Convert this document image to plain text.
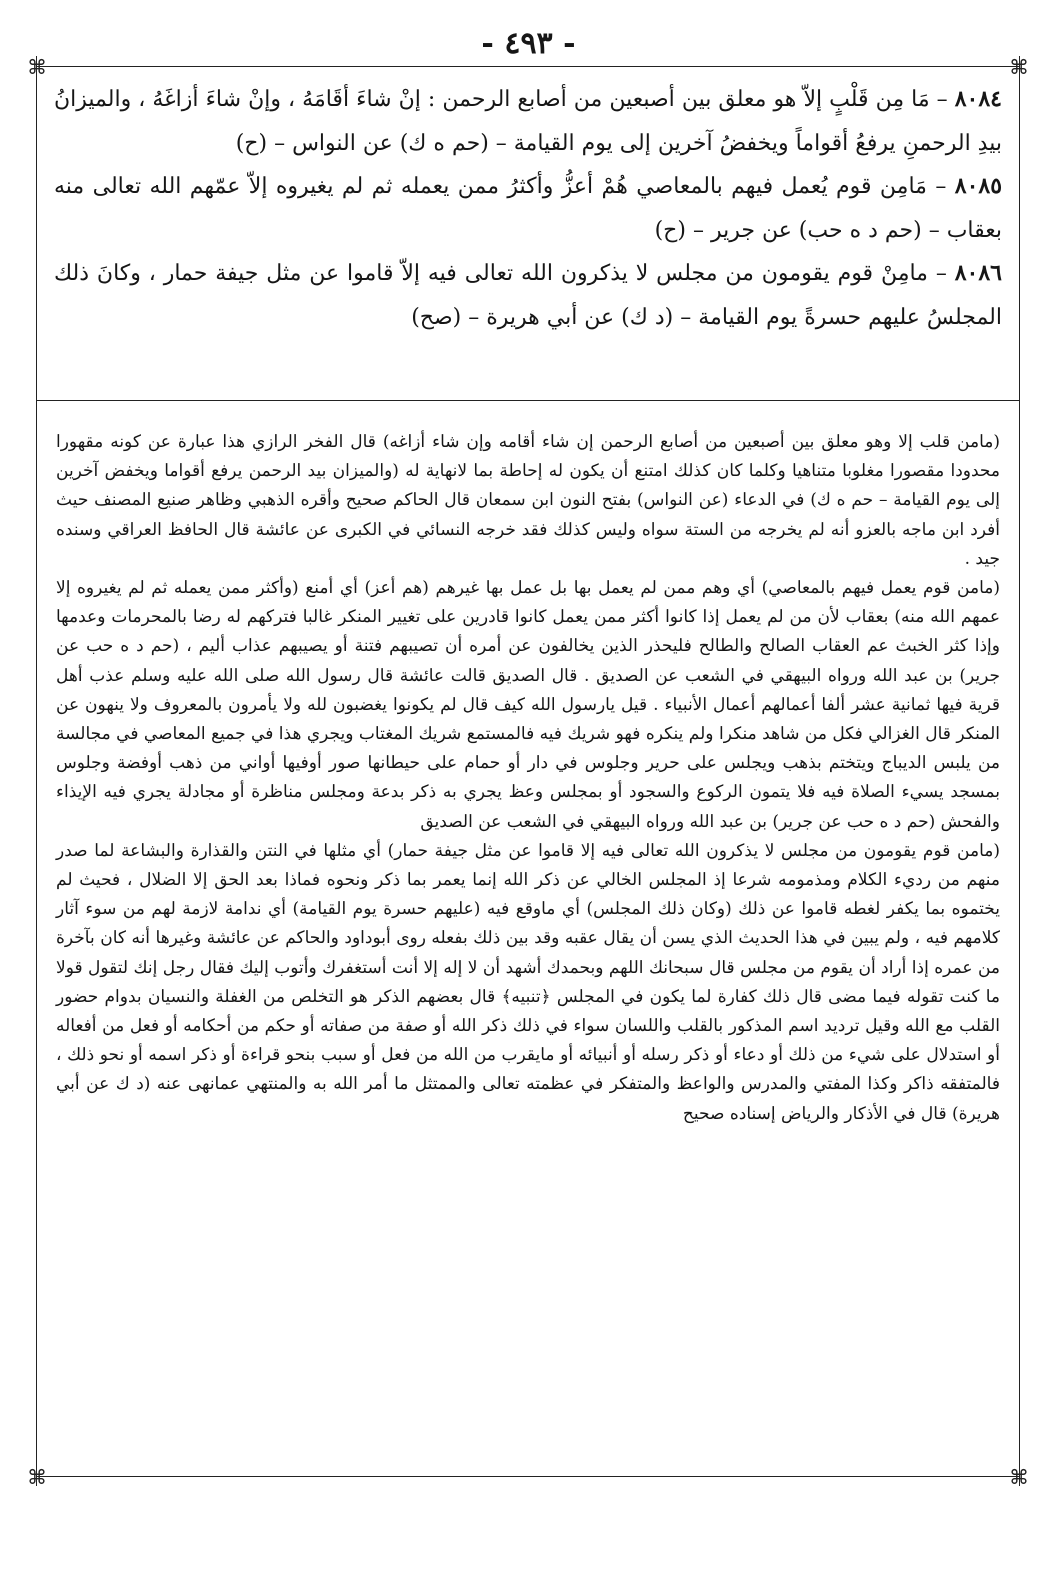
- ٤٩٣ -
⌘	⌘
⌘	⌘

٨٠٨٤ – مَا مِن قَلْبٍ إلاّ هو معلق بين أصبعين من أصابع الرحمن : إنْ شاءَ أقَامَهُ ، وإنْ شاءَ أزاغَهُ ، والميزانُ بيدِ الرحمنِ يرفعُ أقواماً ويخفضُ آخرين إلى يوم القيامة – (حم ه ك) عن النواس – (ح)

٨٠٨٥ – مَامِن قوم يُعمل فيهم بالمعاصي هُمْ أعزُّ وأكثرُ ممن يعمله ثم لم يغيروه إلاّ عمّهم الله تعالى منه بعقاب – (حم د ه حب) عن جرير – (ح)

٨٠٨٦ – مامِنْ قوم يقومون من مجلس لا يذكرون الله تعالى فيه إلاّ قاموا عن مثل جيفة حمار ، وكانَ ذلك المجلسُ عليهم حسرةً يوم القيامة – (د ك) عن أبي هريرة – (صح)

(مامن قلب إلا وهو معلق بين أصبعين من أصابع الرحمن إن شاء أقامه وإن شاء أزاغه) قال الفخر الرازي هذا عبارة عن كونه مقهورا محدودا مقصورا مغلوبا متناهيا وكلما كان كذلك امتنع أن يكون له إحاطة بما لانهاية له (والميزان بيد الرحمن يرفع أقواما ويخفض آخرين إلى يوم القيامة – حم ه ك) في الدعاء (عن النواس) بفتح النون ابن سمعان قال الحاكم صحيح وأقره الذهبي وظاهر صنيع المصنف حيث أفرد ابن ماجه بالعزو أنه لم يخرجه من الستة سواه وليس كذلك فقد خرجه النسائي في الكبرى عن عائشة قال الحافظ العراقي وسنده جيد .

(مامن قوم يعمل فيهم بالمعاصي) أي وهم ممن لم يعمل بها بل عمل بها غيرهم (هم أعز) أي أمنع (وأكثر ممن يعمله ثم لم يغيروه إلا عمهم الله منه) بعقاب لأن من لم يعمل إذا كانوا أكثر ممن يعمل كانوا قادرين على تغيير المنكر غالبا فتركهم له رضا بالمحرمات وعدمها وإذا كثر الخبث عم العقاب الصالح والطالح فليحذر الذين يخالفون عن أمره أن تصيبهم فتنة أو يصيبهم عذاب أليم ، (حم د ه حب عن جرير) بن عبد الله ورواه البيهقي في الشعب عن الصديق . قال الصديق قالت عائشة قال رسول الله صلى الله عليه وسلم عذب أهل قرية فيها ثمانية عشر ألفا أعمالهم أعمال الأنبياء . قيل يارسول الله كيف قال لم يكونوا يغضبون لله ولا يأمرون بالمعروف ولا ينهون عن المنكر قال الغزالي فكل من شاهد منكرا ولم ينكره فهو شريك فيه فالمستمع شريك المغتاب ويجري هذا في جميع المعاصي في مجالسة من يلبس الديباج ويتختم بذهب ويجلس على حرير وجلوس في دار أو حمام على حيطانها صور أوفيها أواني من ذهب أوفضة وجلوس بمسجد يسيء الصلاة فيه فلا يتمون الركوع والسجود أو بمجلس وعظ يجري به ذكر بدعة ومجلس مناظرة أو مجادلة يجري فيه الإيذاء والفحش (حم د ه حب عن جرير) بن عبد الله ورواه البيهقي في الشعب عن الصديق

(مامن قوم يقومون من مجلس لا يذكرون الله تعالى فيه إلا قاموا عن مثل جيفة حمار) أي مثلها في النتن والقذارة والبشاعة لما صدر منهم من رديء الكلام ومذمومه شرعا إذ المجلس الخالي عن ذكر الله إنما يعمر بما ذكر ونحوه فماذا بعد الحق إلا الضلال ، فحيث لم يختموه بما يكفر لغطه قاموا عن ذلك (وكان ذلك المجلس) أي ماوقع فيه (عليهم حسرة يوم القيامة) أي ندامة لازمة لهم من سوء آثار كلامهم فيه ، ولم يبين في هذا الحديث الذي يسن أن يقال عقبه وقد بين ذلك بفعله روى أبوداود والحاكم عن عائشة وغيرها أنه كان بآخرة من عمره إذا أراد أن يقوم من مجلس قال سبحانك اللهم وبحمدك أشهد أن لا إله إلا أنت أستغفرك وأتوب إليك فقال رجل إنك لتقول قولا ما كنت تقوله فيما مضى قال ذلك كفارة لما يكون في المجلس ﴿تنبيه﴾ قال بعضهم الذكر هو التخلص من الغفلة والنسيان بدوام حضور القلب مع الله وقيل ترديد اسم المذكور بالقلب واللسان سواء في ذلك ذكر الله أو صفة من صفاته أو حكم من أحكامه أو فعل من أفعاله أو استدلال على شيء من ذلك أو دعاء أو ذكر رسله أو أنبيائه أو مايقرب من الله من فعل أو سبب بنحو قراءة أو ذكر اسمه أو نحو ذلك ، فالمتفقه ذاكر وكذا المفتي والمدرس والواعظ والمتفكر في عظمته تعالى والممتثل ما أمر الله به والمنتهي عمانهى عنه (د ك عن أبي هريرة) قال في الأذكار والرياض إسناده صحيح
